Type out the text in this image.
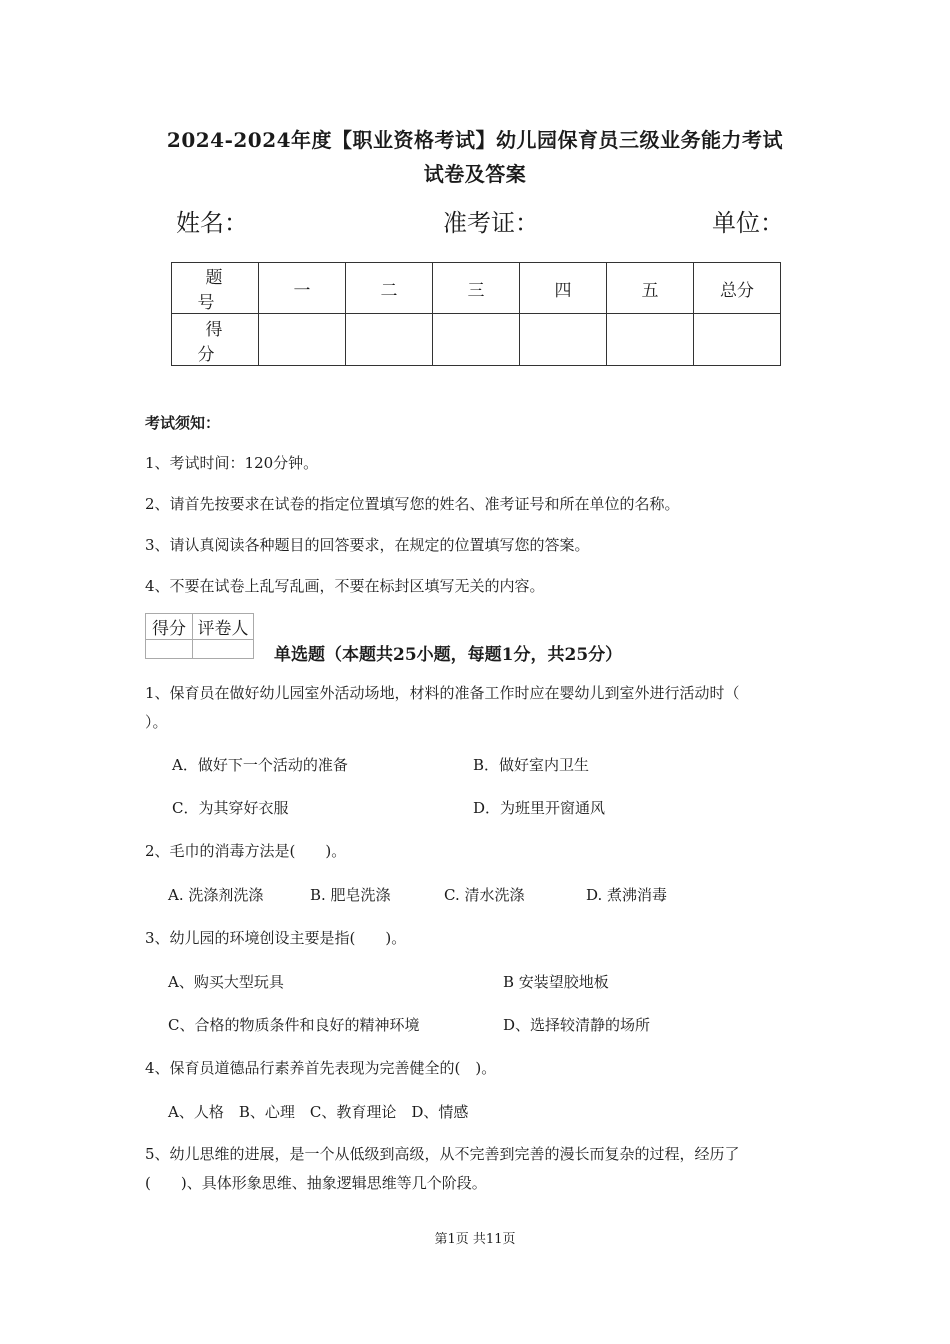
2024-2024年度【职业资格考试】幼儿园保育员三级业务能力考试
试卷及答案
姓名：	准考证：	单位：
题　号	一	二	三	四	五	总分
得　分						
考试须知：
1、考试时间：120分钟。
2、请首先按要求在试卷的指定位置填写您的姓名、准考证号和所在单位的名称。
3、请认真阅读各种题目的回答要求，在规定的位置填写您的答案。
4、不要在试卷上乱写乱画，不要在标封区填写无关的内容。
得分	评卷人

单选题（本题共25小题，每题1分，共25分）
1、保育员在做好幼儿园室外活动场地，材料的准备工作时应在婴幼儿到室外进行活动时（
）。
A．做好下一个活动的准备	B．做好室内卫生
C．为其穿好衣服	D．为班里开窗通风
2、毛巾的消毒方法是(　　)。
A. 洗涤剂洗涤	B. 肥皂洗涤	C. 清水洗涤	D. 煮沸消毒
3、幼儿园的环境创设主要是指(　　)。
A、购买大型玩具	B 安装望胶地板
C、合格的物质条件和良好的精神环境	D、选择较清静的场所
4、保育员道德品行素养首先表现为完善健全的(　)。
A、人格　B、心理　C、教育理论　D、情感
5、幼儿思维的进展，是一个从低级到高级，从不完善到完善的漫长而复杂的过程，经历了
(　　)、具体形象思维、抽象逻辑思维等几个阶段。
第1页 共11页
